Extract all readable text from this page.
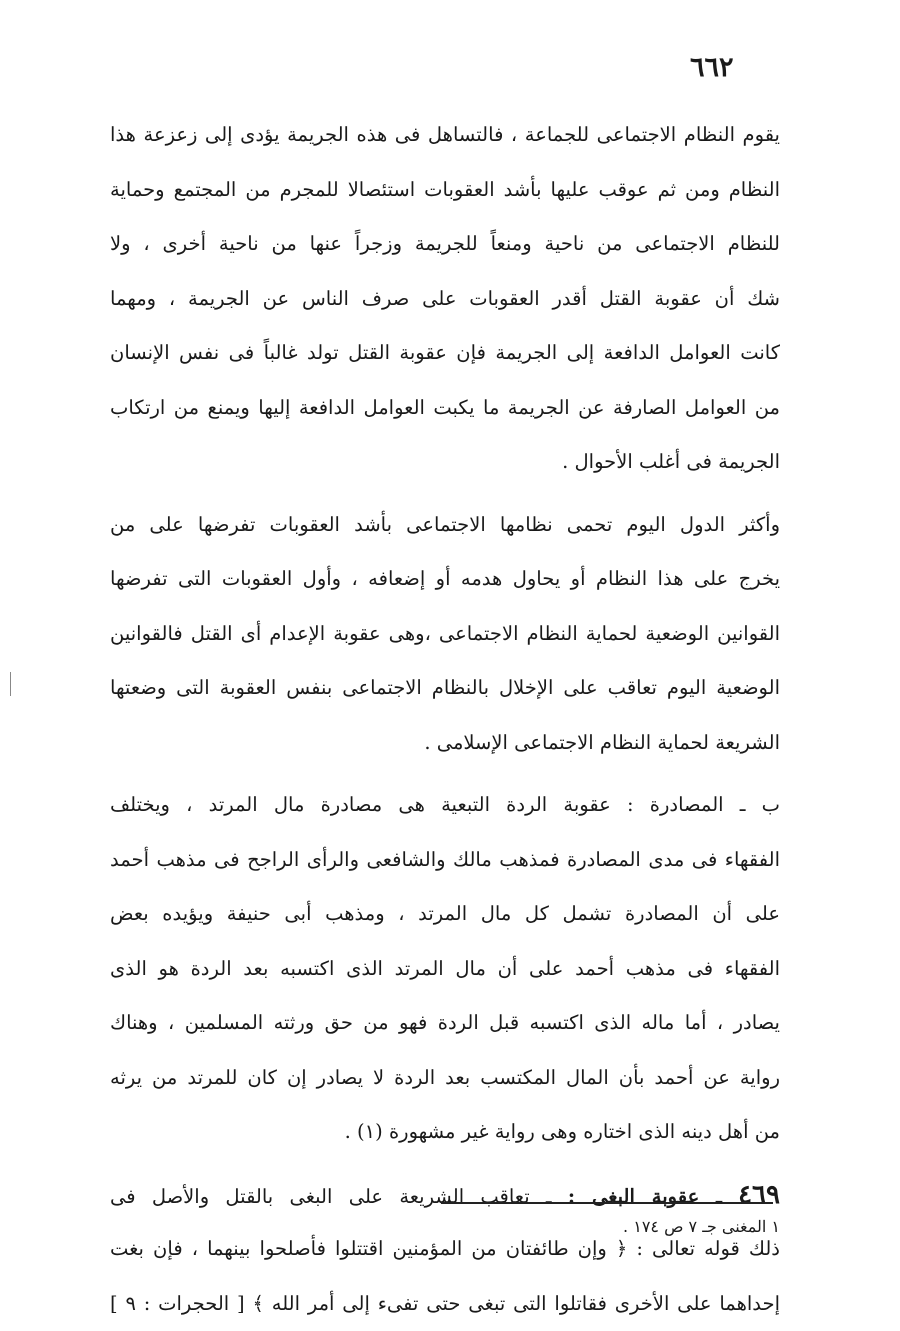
٦٦٢
يقوم النظام الاجتماعى للجماعة ، فالتساهل فى هذه الجريمة يؤدى إلى زعزعة هذا
النظام ومن ثم عوقب عليها بأشد العقوبات استئصالا للمجرم من المجتمع وحماية
للنظام الاجتماعى من ناحية ومنعاً للجريمة وزجراً عنها من ناحية أخرى ، ولا
شك أن عقوبة القتل أقدر العقوبات على صرف الناس عن الجريمة ، ومهما
كانت العوامل الدافعة إلى الجريمة فإن عقوبة القتل تولد غالباً فى نفس الإنسان
من العوامل الصارفة عن الجريمة ما يكبت العوامل الدافعة إليها ويمنع من ارتكاب
الجريمة فى أغلب الأحوال .
وأكثر الدول اليوم تحمى نظامها الاجتماعى بأشد العقوبات تفرضها على من
يخرج على هذا النظام أو يحاول هدمه أو إضعافه ، وأول العقوبات التى تفرضها
القوانين الوضعية لحماية النظام الاجتماعى ،وهى عقوبة الإعدام أى القتل فالقوانين
الوضعية اليوم تعاقب على الإخلال بالنظام الاجتماعى بنفس العقوبة التى وضعتها
الشريعة لحماية النظام الاجتماعى الإسلامى .
ب ـ المصادرة : عقوبة الردة التبعية هى مصادرة مال المرتد ، ويختلف
الفقهاء فى مدى المصادرة فمذهب مالك والشافعى والرأى الراجح فى مذهب أحمد
على أن المصادرة تشمل كل مال المرتد ، ومذهب أبى حنيفة ويؤيده بعض
الفقهاء فى مذهب أحمد على أن مال المرتد الذى اكتسبه بعد الردة هو الذى
يصادر ، أما ماله الذى اكتسبه قبل الردة فهو من حق ورثته المسلمين ، وهناك
رواية عن أحمد بأن المال المكتسب بعد الردة لا يصادر إن كان للمرتد من يرثه
من أهل دينه الذى اختاره وهى رواية غير مشهورة (١) .
٤٦٩ ـ عقوبة البغى : ـ تعاقب الشريعة على البغى بالقتل والأصل فى
ذلك قوله تعالى : ﴿ وإن طائفتان من المؤمنين اقتتلوا فأصلحوا بينهما ، فإن بغت
إحداهما على الأخرى فقاتلوا التى تبغى حتى تفىء إلى أمر الله ﴾ [ الحجرات : ٩ ]
١ المغنى جـ ٧ ص ١٧٤ .
